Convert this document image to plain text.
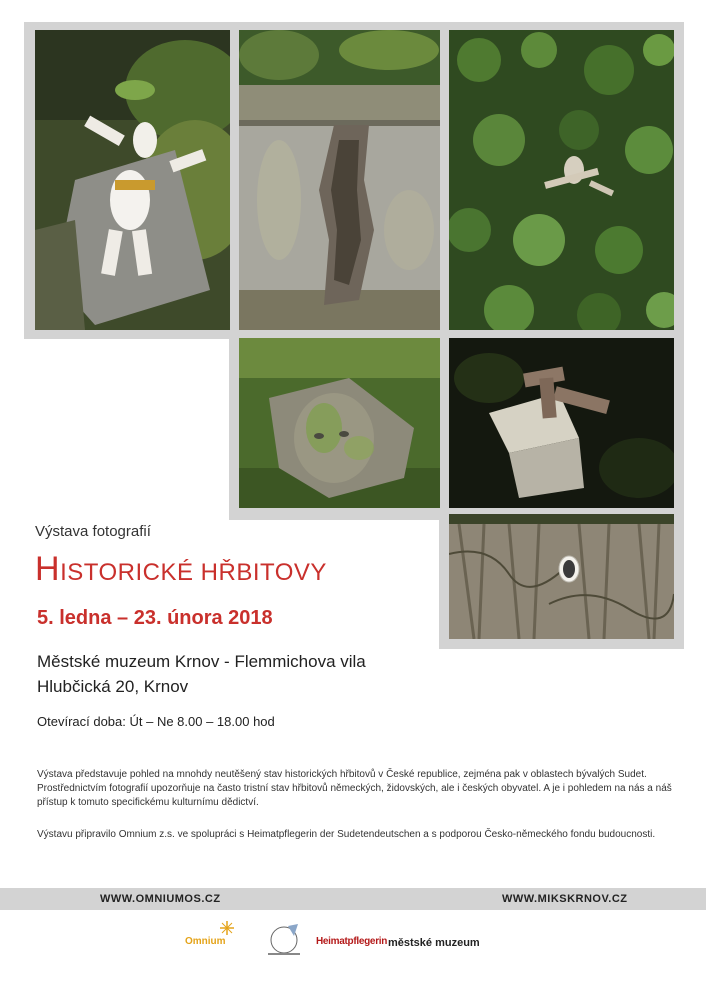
Výstava fotografií
HISTORICKÉ HŘBITOVY
5. ledna – 23. února 2018
Městské muzeum Krnov - Flemmichova vila
Hlubčická 20, Krnov
Otevírací doba: Út – Ne 8.00 – 18.00 hod
Výstava představuje pohled na mnohdy neutěšený stav historických hřbitovů v České republice, zejména pak v oblastech bývalých Sudet. Prostřednictvím fotografií upozorňuje na často tristní stav hřbitovů německých, židovských, ale i českých obyvatel. A je i pohledem na nás a náš přístup k tomuto specifickému kulturnímu dědictví.
Výstavu připravilo Omnium z.s. ve spolupráci s Heimatpflegerin der Sudetendeutschen a s podporou Česko-německého fondu budoucnosti.
WWW.OMNIUMOS.CZ	WWW.MIKSKRNOV.CZ
Omnium	Heimatpflegerin městské muzeum
